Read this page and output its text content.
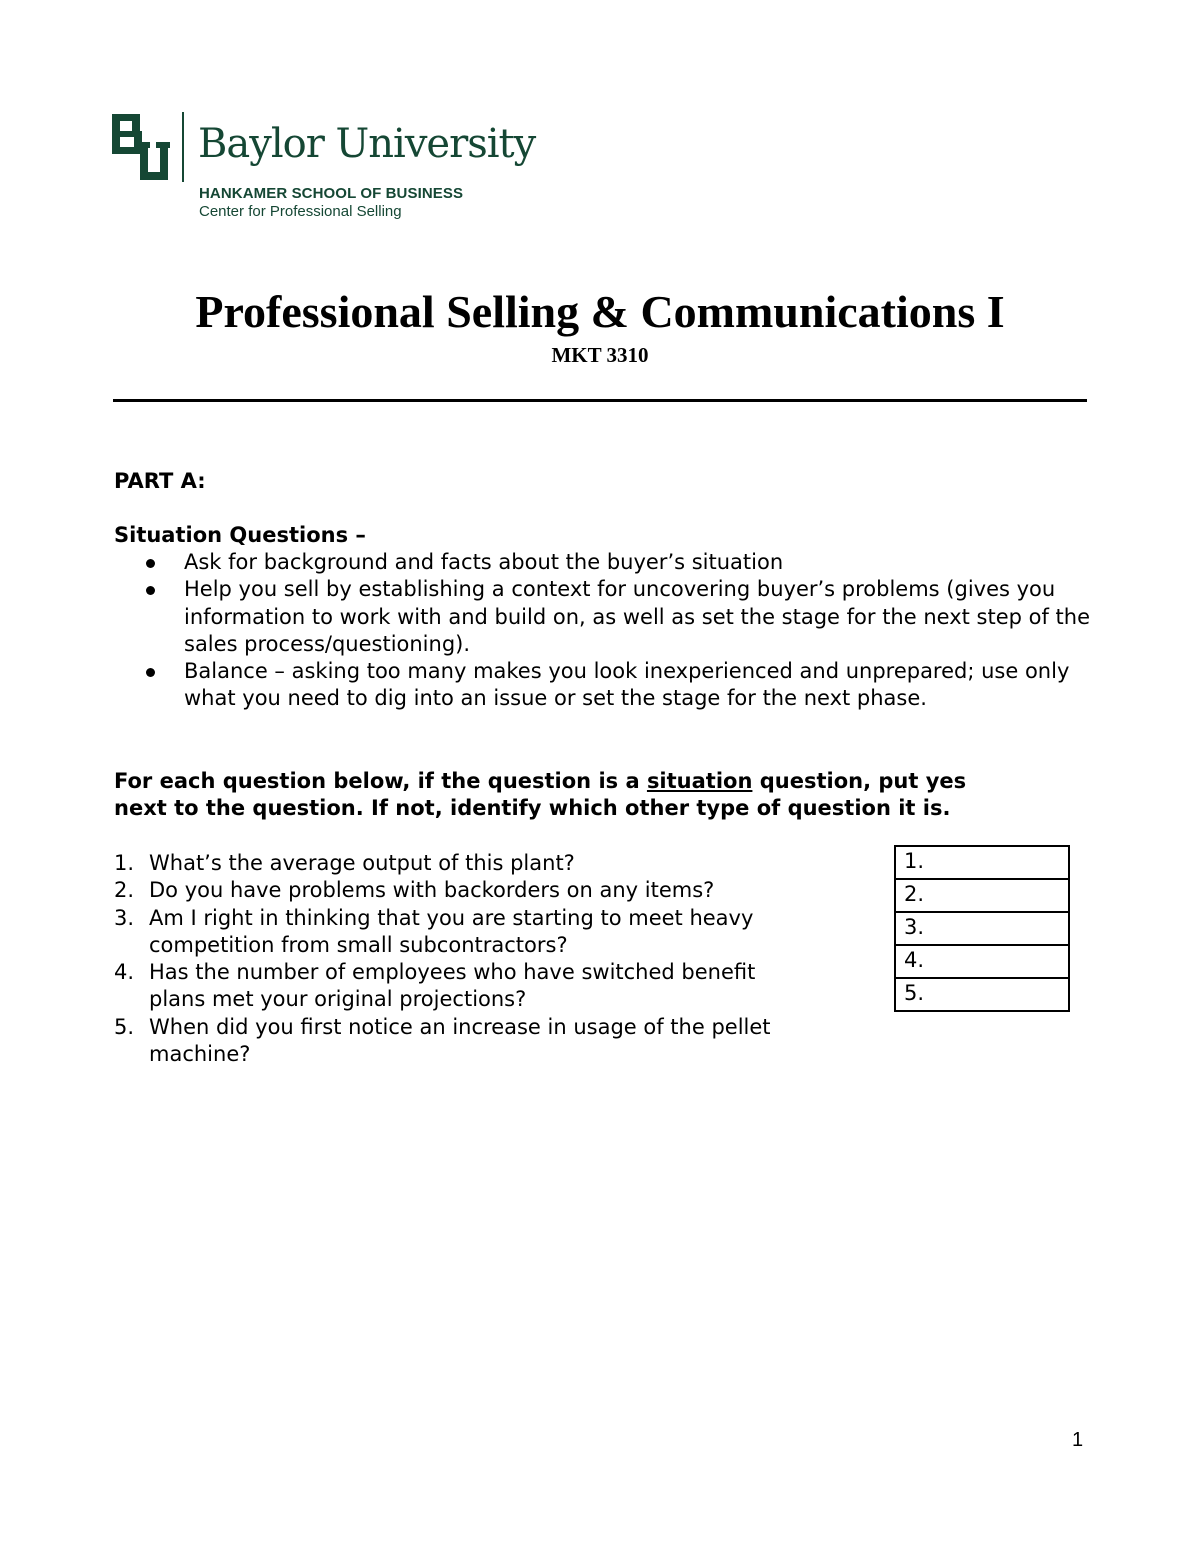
Baylor University
HANKAMER SCHOOL OF BUSINESS
Center for Professional Selling
Professional Selling & Communications I
MKT 3310
PART A:
Situation Questions –
Ask for background and facts about the buyer’s situation
Help you sell by establishing a context for uncovering buyer’s problems (gives you information to work with and build on, as well as set the stage for the next step of the sales process/questioning).
Balance – asking too many makes you look inexperienced and unprepared; use only what you need to dig into an issue or set the stage for the next phase.
For each question below, if the question is a situation question, put yes
next to the question. If not, identify which other type of question it is.
1. What’s the average output of this plant?
2. Do you have problems with backorders on any items?
3. Am I right in thinking that you are starting to meet heavy
competition from small subcontractors?
4. Has the number of employees who have switched benefit
plans met your original projections?
5. When did you first notice an increase in usage of the pellet
machine?
1.
2.
3.
4.
5.
1
